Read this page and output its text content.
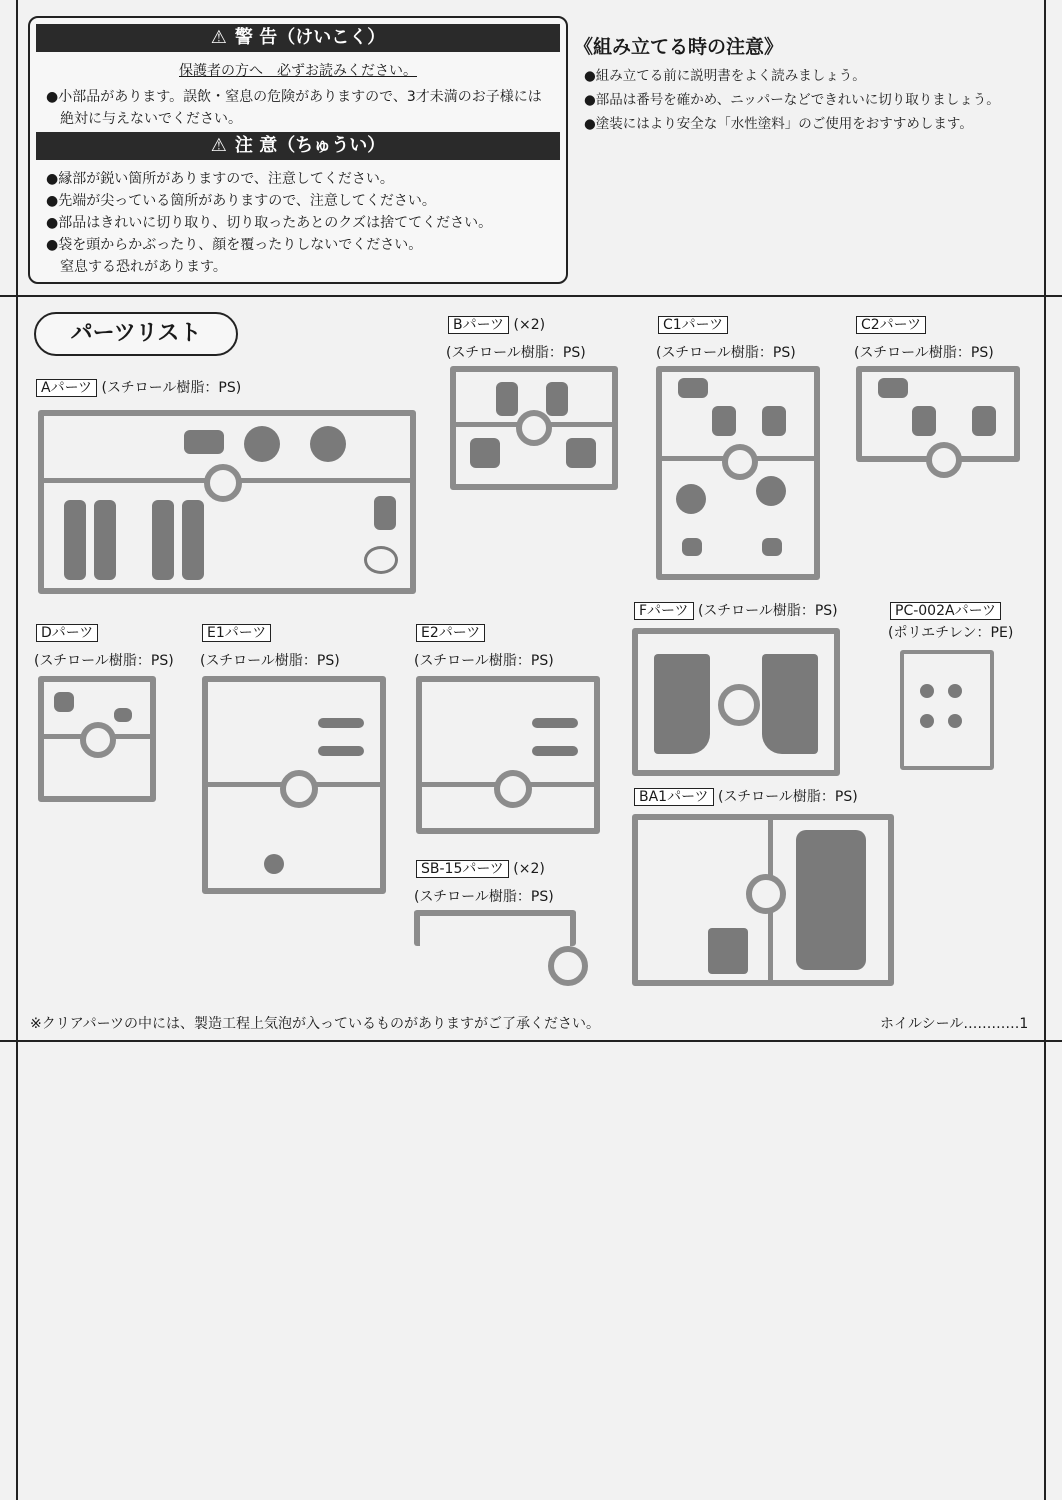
⚠ 警 告（けいこく）
保護者の方へ　必ずお読みください。
●小部品があります。誤飲・窒息の危険がありますので、3才未満のお子様には
　絶対に与えないでください。
⚠ 注 意（ちゅうい）
●縁部が鋭い箇所がありますので、注意してください。
●先端が尖っている箇所がありますので、注意してください。
●部品はきれいに切り取り、切り取ったあとのクズは捨ててください。
●袋を頭からかぶったり、顔を覆ったりしないでください。
　窒息する恐れがあります。
《組み立てる時の注意》
●組み立てる前に説明書をよく読みましょう。
●部品は番号を確かめ、ニッパーなどできれいに切り取りましょう。
●塗装にはより安全な「水性塗料」のご使用をおすすめします。
パーツリスト
Aパーツ (スチロール樹脂：PS)
Bパーツ (×2)
(スチロール樹脂：PS)
C1パーツ
(スチロール樹脂：PS)
C2パーツ
(スチロール樹脂：PS)
Dパーツ
(スチロール樹脂：PS)
E1パーツ
(スチロール樹脂：PS)
E2パーツ
(スチロール樹脂：PS)
SB-15パーツ (×2)
(スチロール樹脂：PS)
Fパーツ (スチロール樹脂：PS)	PC-002Aパーツ
(ポリエチレン：PE)
BA1パーツ (スチロール樹脂：PS)
※クリアパーツの中には、製造工程上気泡が入っているものがありますがご了承ください。	ホイルシール…………1
